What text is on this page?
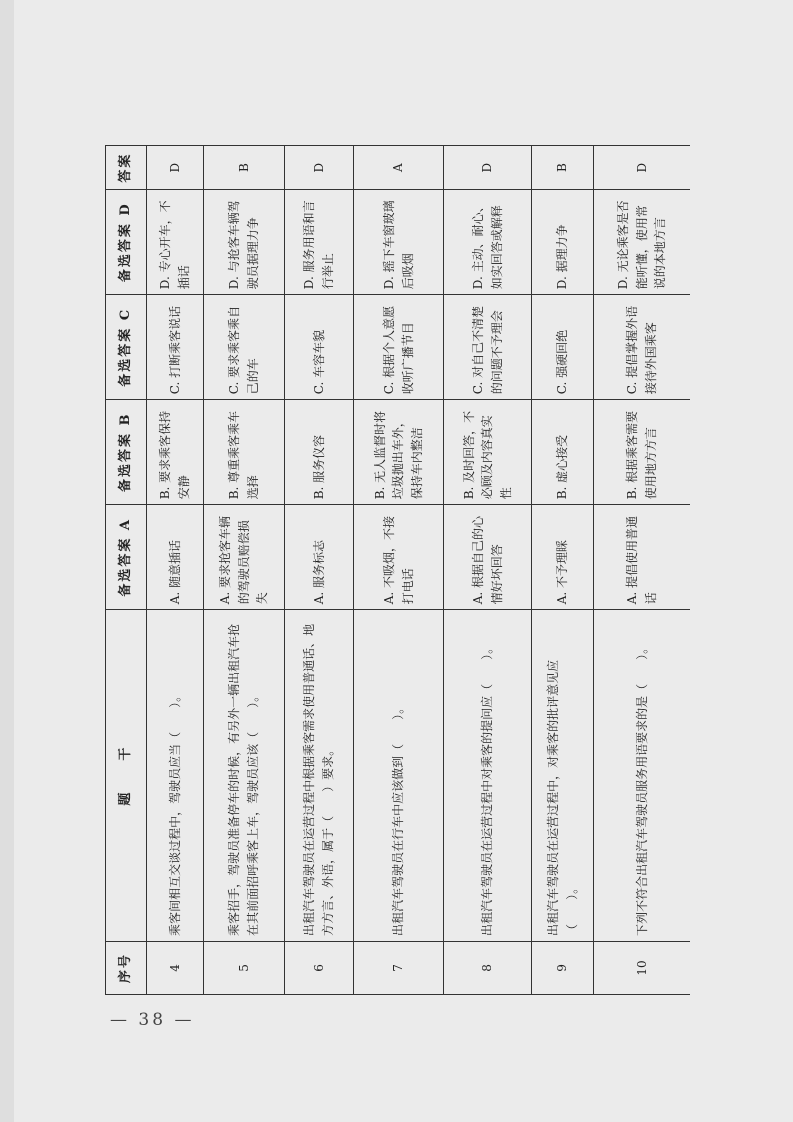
序号	题　　干	备选答案 A	备选答案 B	备选答案 C	备选答案 D	答案
4	乘客间相互交谈过程中，驾驶员应当（　　）。	A. 随意插话	B. 要求乘客保持安静	C. 打断乘客说话	D. 专心开车，不插话	D
5	乘客招手，驾驶员准备停车的时候，有另外一辆出租汽车抢在其前面招呼乘客上车，驾驶员应该（　　）。	A. 要求抢客车辆的驾驶员赔偿损失	B. 尊重乘客乘车选择	C. 要求乘客乘自己的车	D. 与抢客车辆驾驶员据理力争	B
6	出租汽车驾驶员在运营过程中根据乘客需求使用普通话、地方方言、外语，属于（　　）要求。	A. 服务标志	B. 服务仪容	C. 车容车貌	D. 服务用语和言行举止	D
7	出租汽车驾驶员在行车中应该做到（　　）。	A. 不吸烟，不接打电话	B. 无人监督时将垃圾抛出车外，保持车内整洁	C. 根据个人意愿收听广播节目	D. 摇下车窗玻璃后吸烟	A
8	出租汽车驾驶员在运营过程中对乘客的提问应（　　）。	A. 根据自己的心情好坏回答	B. 及时回答，不必顾及内容真实性	C. 对自己不清楚的问题不予理会	D. 主动、耐心、如实回答或解释	D
9	出租汽车驾驶员在运营过程中，对乘客的批评意见应（　　）。	A. 不予理睬	B. 虚心接受	C. 强硬回绝	D. 据理力争	B
10	下列不符合出租汽车驾驶员服务用语要求的是（　　）。	A. 提倡使用普通话	B. 根据乘客需要使用地方方言	C. 提倡掌握外语接待外国乘客	D. 无论乘客是否能听懂，使用常说的本地方言	D
— 38 —
